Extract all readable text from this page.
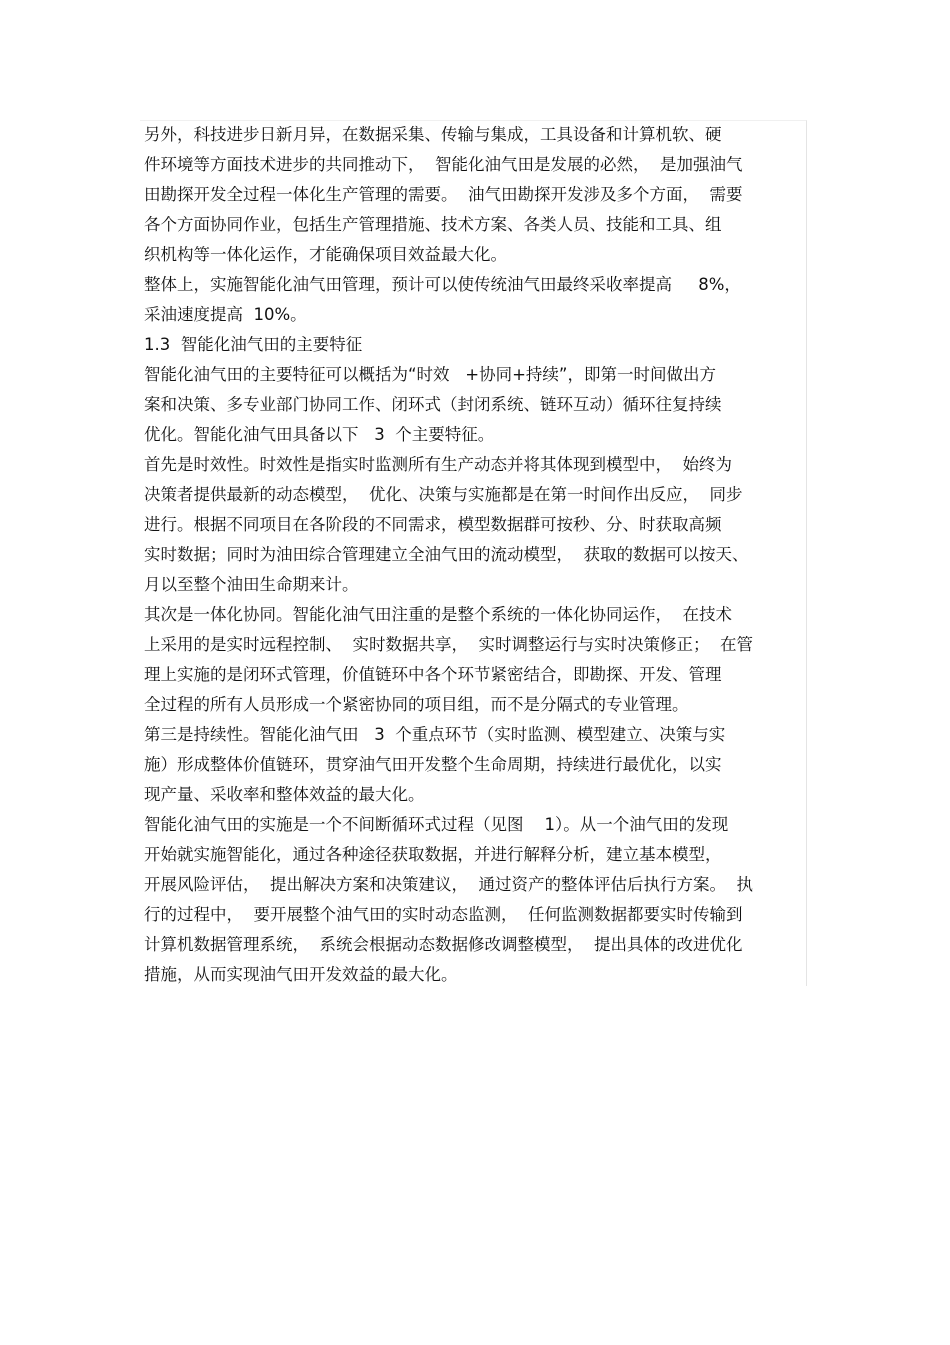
另外，科技进步日新月异，在数据采集、传输与集成，工具设备和计算机软、硬
件环境等方面技术进步的共同推动下，  智能化油气田是发展的必然，  是加强油气
田勘探开发全过程一体化生产管理的需要。  油气田勘探开发涉及多个方面，  需要
各个方面协同作业，包括生产管理措施、技术方案、各类人员、技能和工具、组
织机构等一体化运作，才能确保项目效益最大化。
整体上，实施智能化油气田管理，预计可以使传统油气田最终采收率提高     8%，
采油速度提高  10%。
1.3  智能化油气田的主要特征
智能化油气田的主要特征可以概括为“时效   +协同+持续”，即第一时间做出方
案和决策、多专业部门协同工作、闭环式（封闭系统、链环互动）循环往复持续
优化。智能化油气田具备以下   3  个主要特征。
首先是时效性。时效性是指实时监测所有生产动态并将其体现到模型中，  始终为
决策者提供最新的动态模型，  优化、决策与实施都是在第一时间作出反应，  同步
进行。根据不同项目在各阶段的不同需求，模型数据群可按秒、分、时获取高频
实时数据；同时为油田综合管理建立全油气田的流动模型，  获取的数据可以按天、
月以至整个油田生命期来计。
其次是一体化协同。智能化油气田注重的是整个系统的一体化协同运作，  在技术
上采用的是实时远程控制、  实时数据共享，  实时调整运行与实时决策修正；  在管
理上实施的是闭环式管理，价值链环中各个环节紧密结合，即勘探、开发、管理
全过程的所有人员形成一个紧密协同的项目组，而不是分隔式的专业管理。
第三是持续性。智能化油气田   3  个重点环节（实时监测、模型建立、决策与实
施）形成整体价值链环，贯穿油气田开发整个生命周期，持续进行最优化，以实
现产量、采收率和整体效益的最大化。
智能化油气田的实施是一个不间断循环式过程（见图    1）。从一个油气田的发现
开始就实施智能化，通过各种途径获取数据，并进行解释分析，建立基本模型，
开展风险评估，  提出解决方案和决策建议，  通过资产的整体评估后执行方案。  执
行的过程中，  要开展整个油气田的实时动态监测，  任何监测数据都要实时传输到
计算机数据管理系统，  系统会根据动态数据修改调整模型，  提出具体的改进优化
措施，从而实现油气田开发效益的最大化。
